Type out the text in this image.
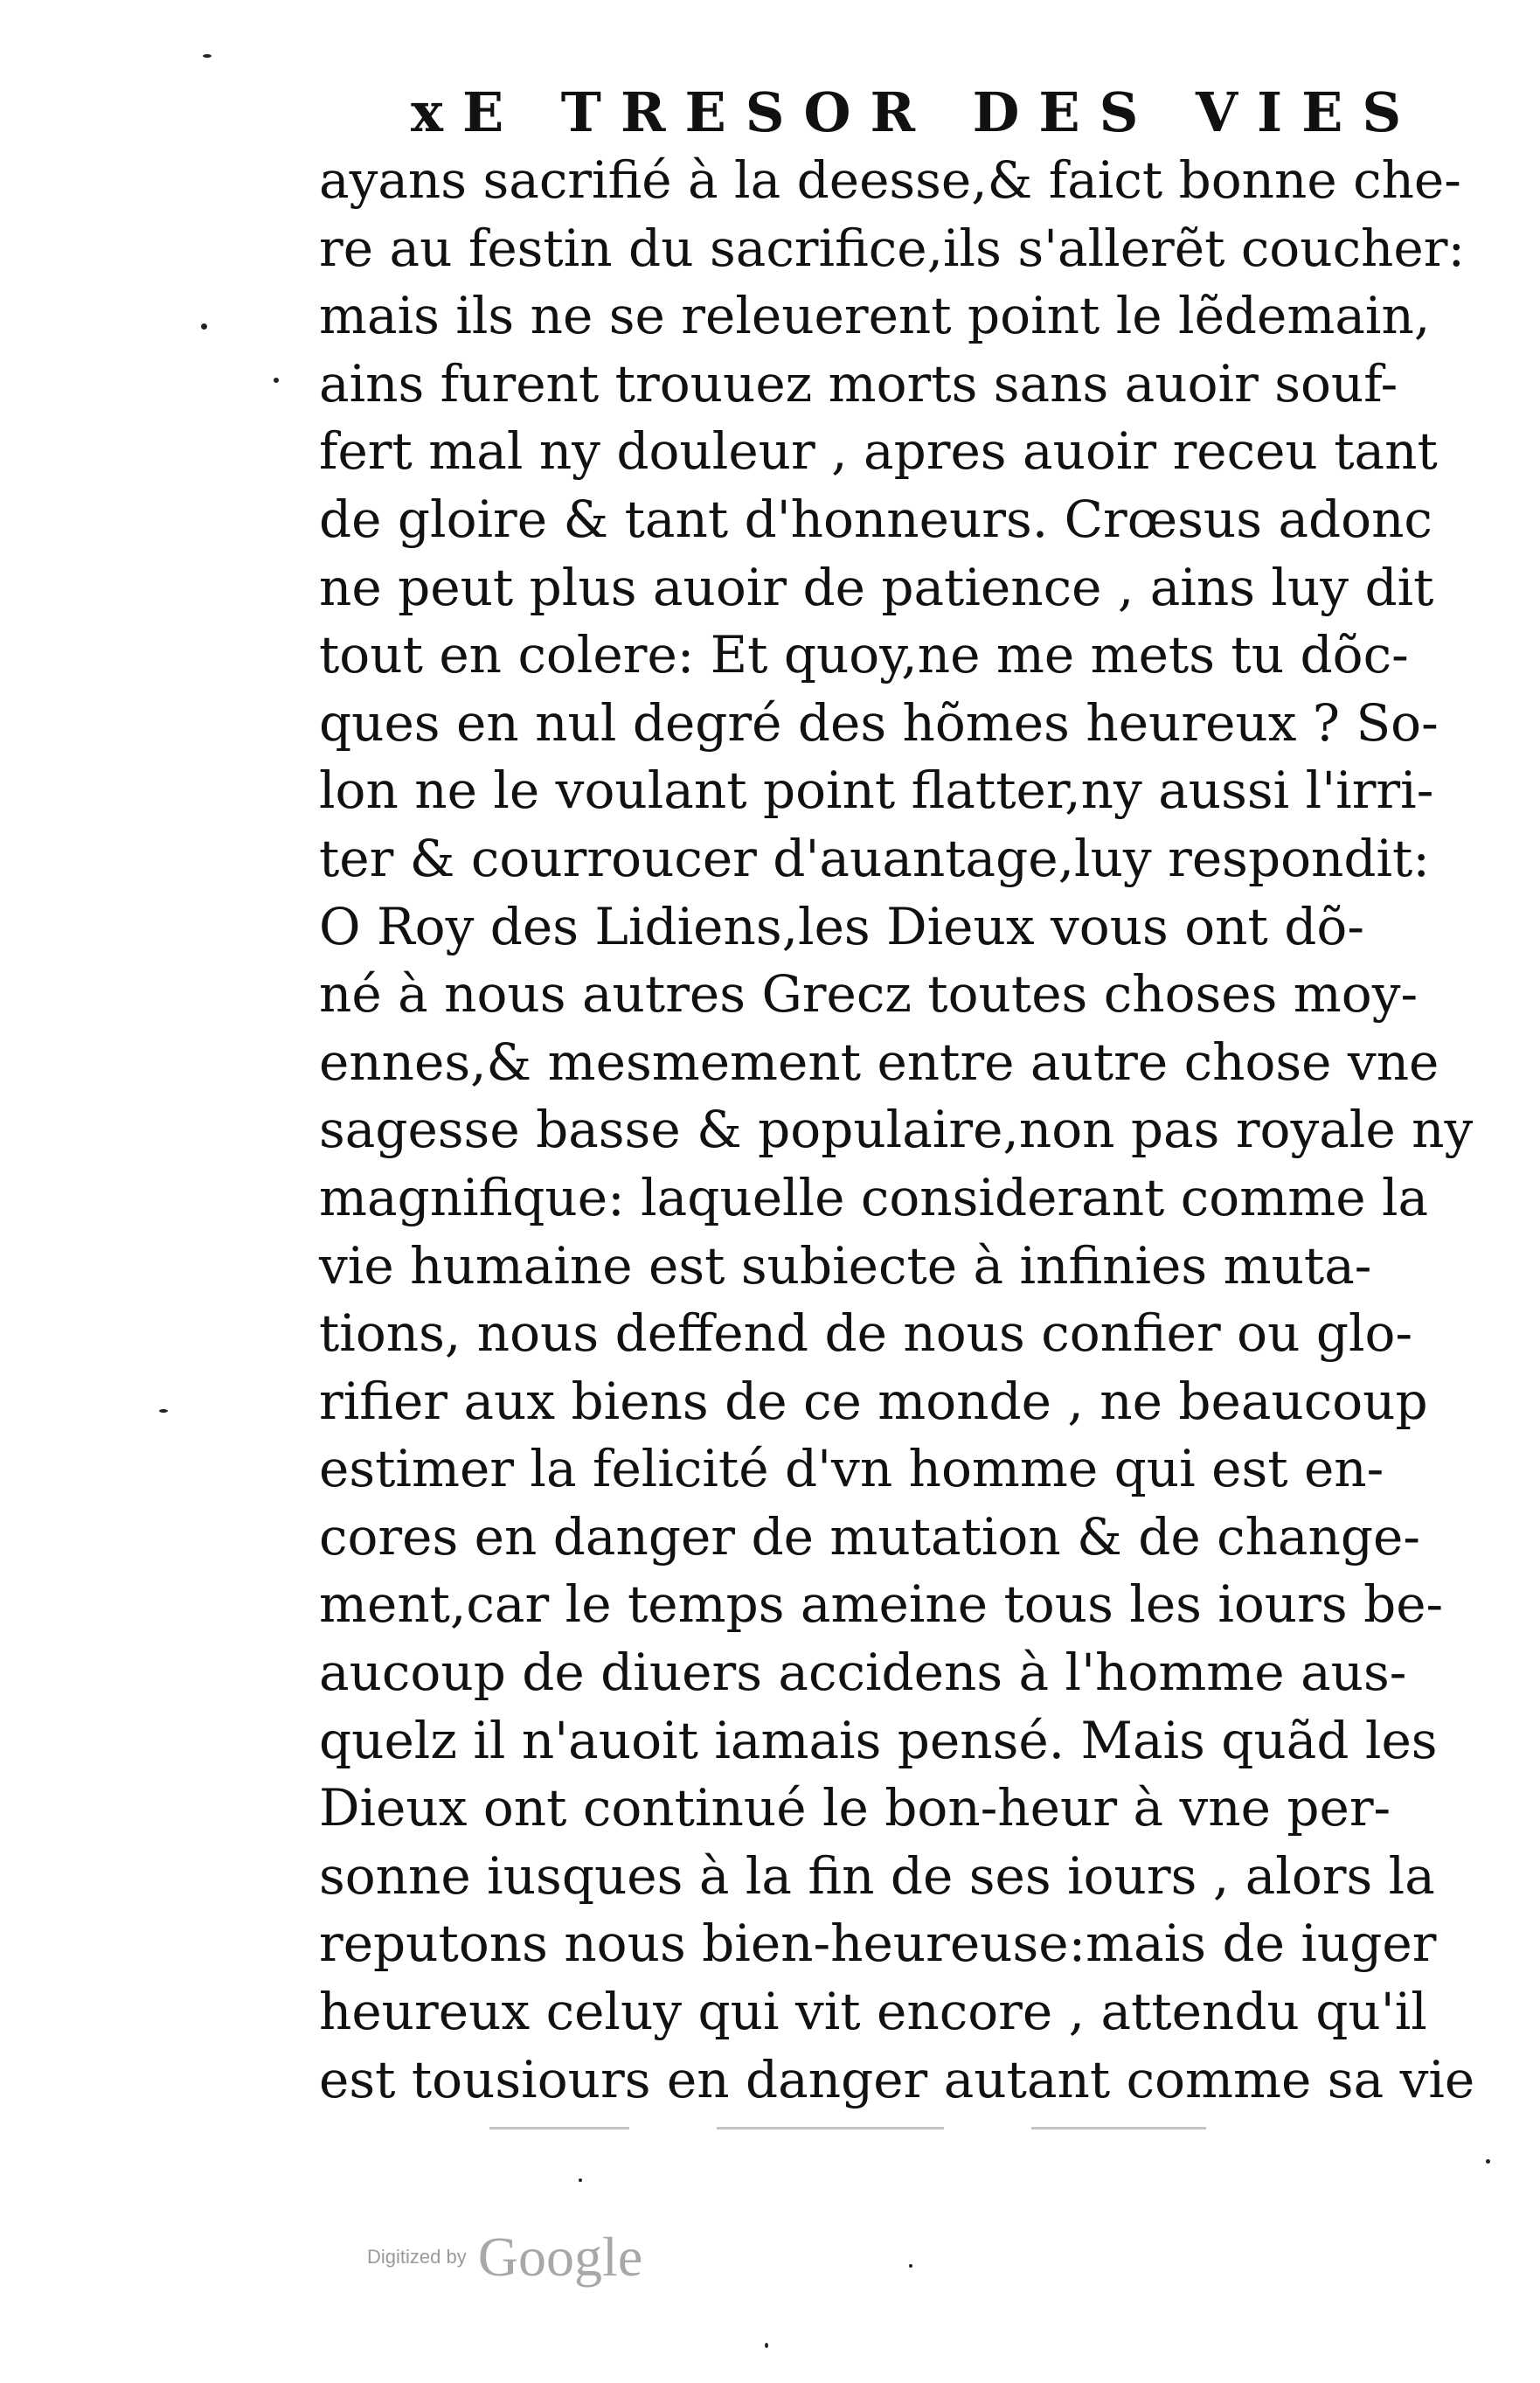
xE TRESOR DES VIES
ayans sacrifié à la deesse,& faict bonne che-
re au festin du sacrifice,ils s'allerẽt coucher:
mais ils ne se releuerent point le lẽdemain,
ains furent trouuez morts sans auoir souf-
fert mal ny douleur , apres auoir receu tant
de gloire & tant d'honneurs. Crœsus adonc
ne peut plus auoir de patience , ains luy dit
tout en colere: Et quoy,ne me mets tu dõc-
ques en nul degré des hõmes heureux ? So-
lon ne le voulant point flatter,ny aussi l'irri-
ter & courroucer d'auantage,luy respondit:
O Roy des Lidiens,les Dieux vous ont dõ-
né à nous autres Grecz toutes choses moy-
ennes,& mesmement entre autre chose vne
sagesse basse & populaire,non pas royale ny
magnifique: laquelle considerant comme la
vie humaine est subiecte à infinies muta-
tions, nous deffend de nous confier ou glo-
rifier aux biens de ce monde , ne beaucoup
estimer la felicité d'vn homme qui est en-
cores en danger de mutation & de change-
ment,car le temps ameine tous les iours be-
aucoup de diuers accidens à l'homme aus-
quelz il n'auoit iamais pensé. Mais quãd les
Dieux ont continué le bon-heur à vne per-
sonne iusques à la fin de ses iours , alors la
reputons nous bien-heureuse:mais de iuger
heureux celuy qui vit encore , attendu qu'il
est tousiours en danger autant comme sa vie
Digitized by Google
